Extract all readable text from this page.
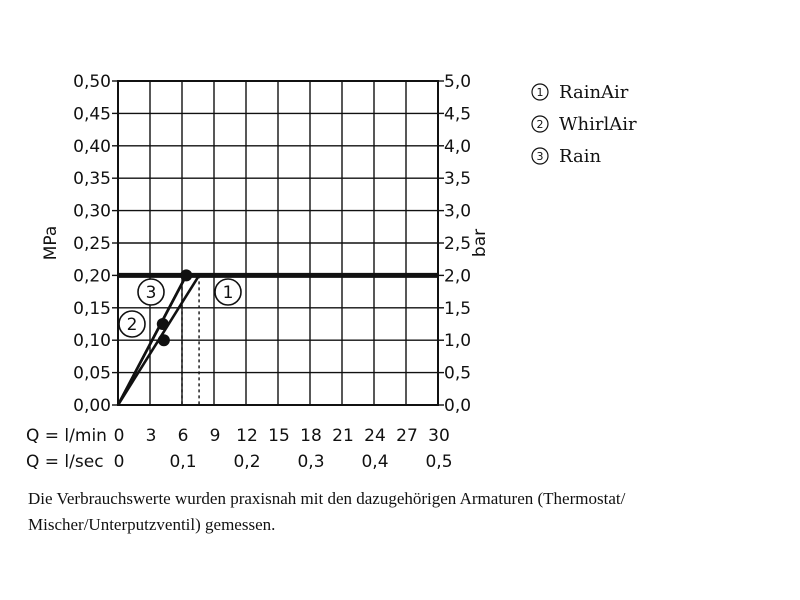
0,00
0,05
0,10
0,15
0,20
0,25
0,30
0,35
0,40
0,45
0,50
0,0
0,5
1,0
1,5
2,0
2,5
3,0
3,5
4,0
4,5
5,0
MPa	bar
Q = l/min 0 3 6 9 12 15 18 21 24 27 30
Q = l/sec 0	0,1 0,2 0,3 0,4 0,5
1
2
3
1 RainAir
2 WhirlAir
3 Rain
Die Verbrauchswerte wurden praxisnah mit den dazugehörigen Armaturen (Thermostat/
Mischer/Unterputzventil) gemessen.
